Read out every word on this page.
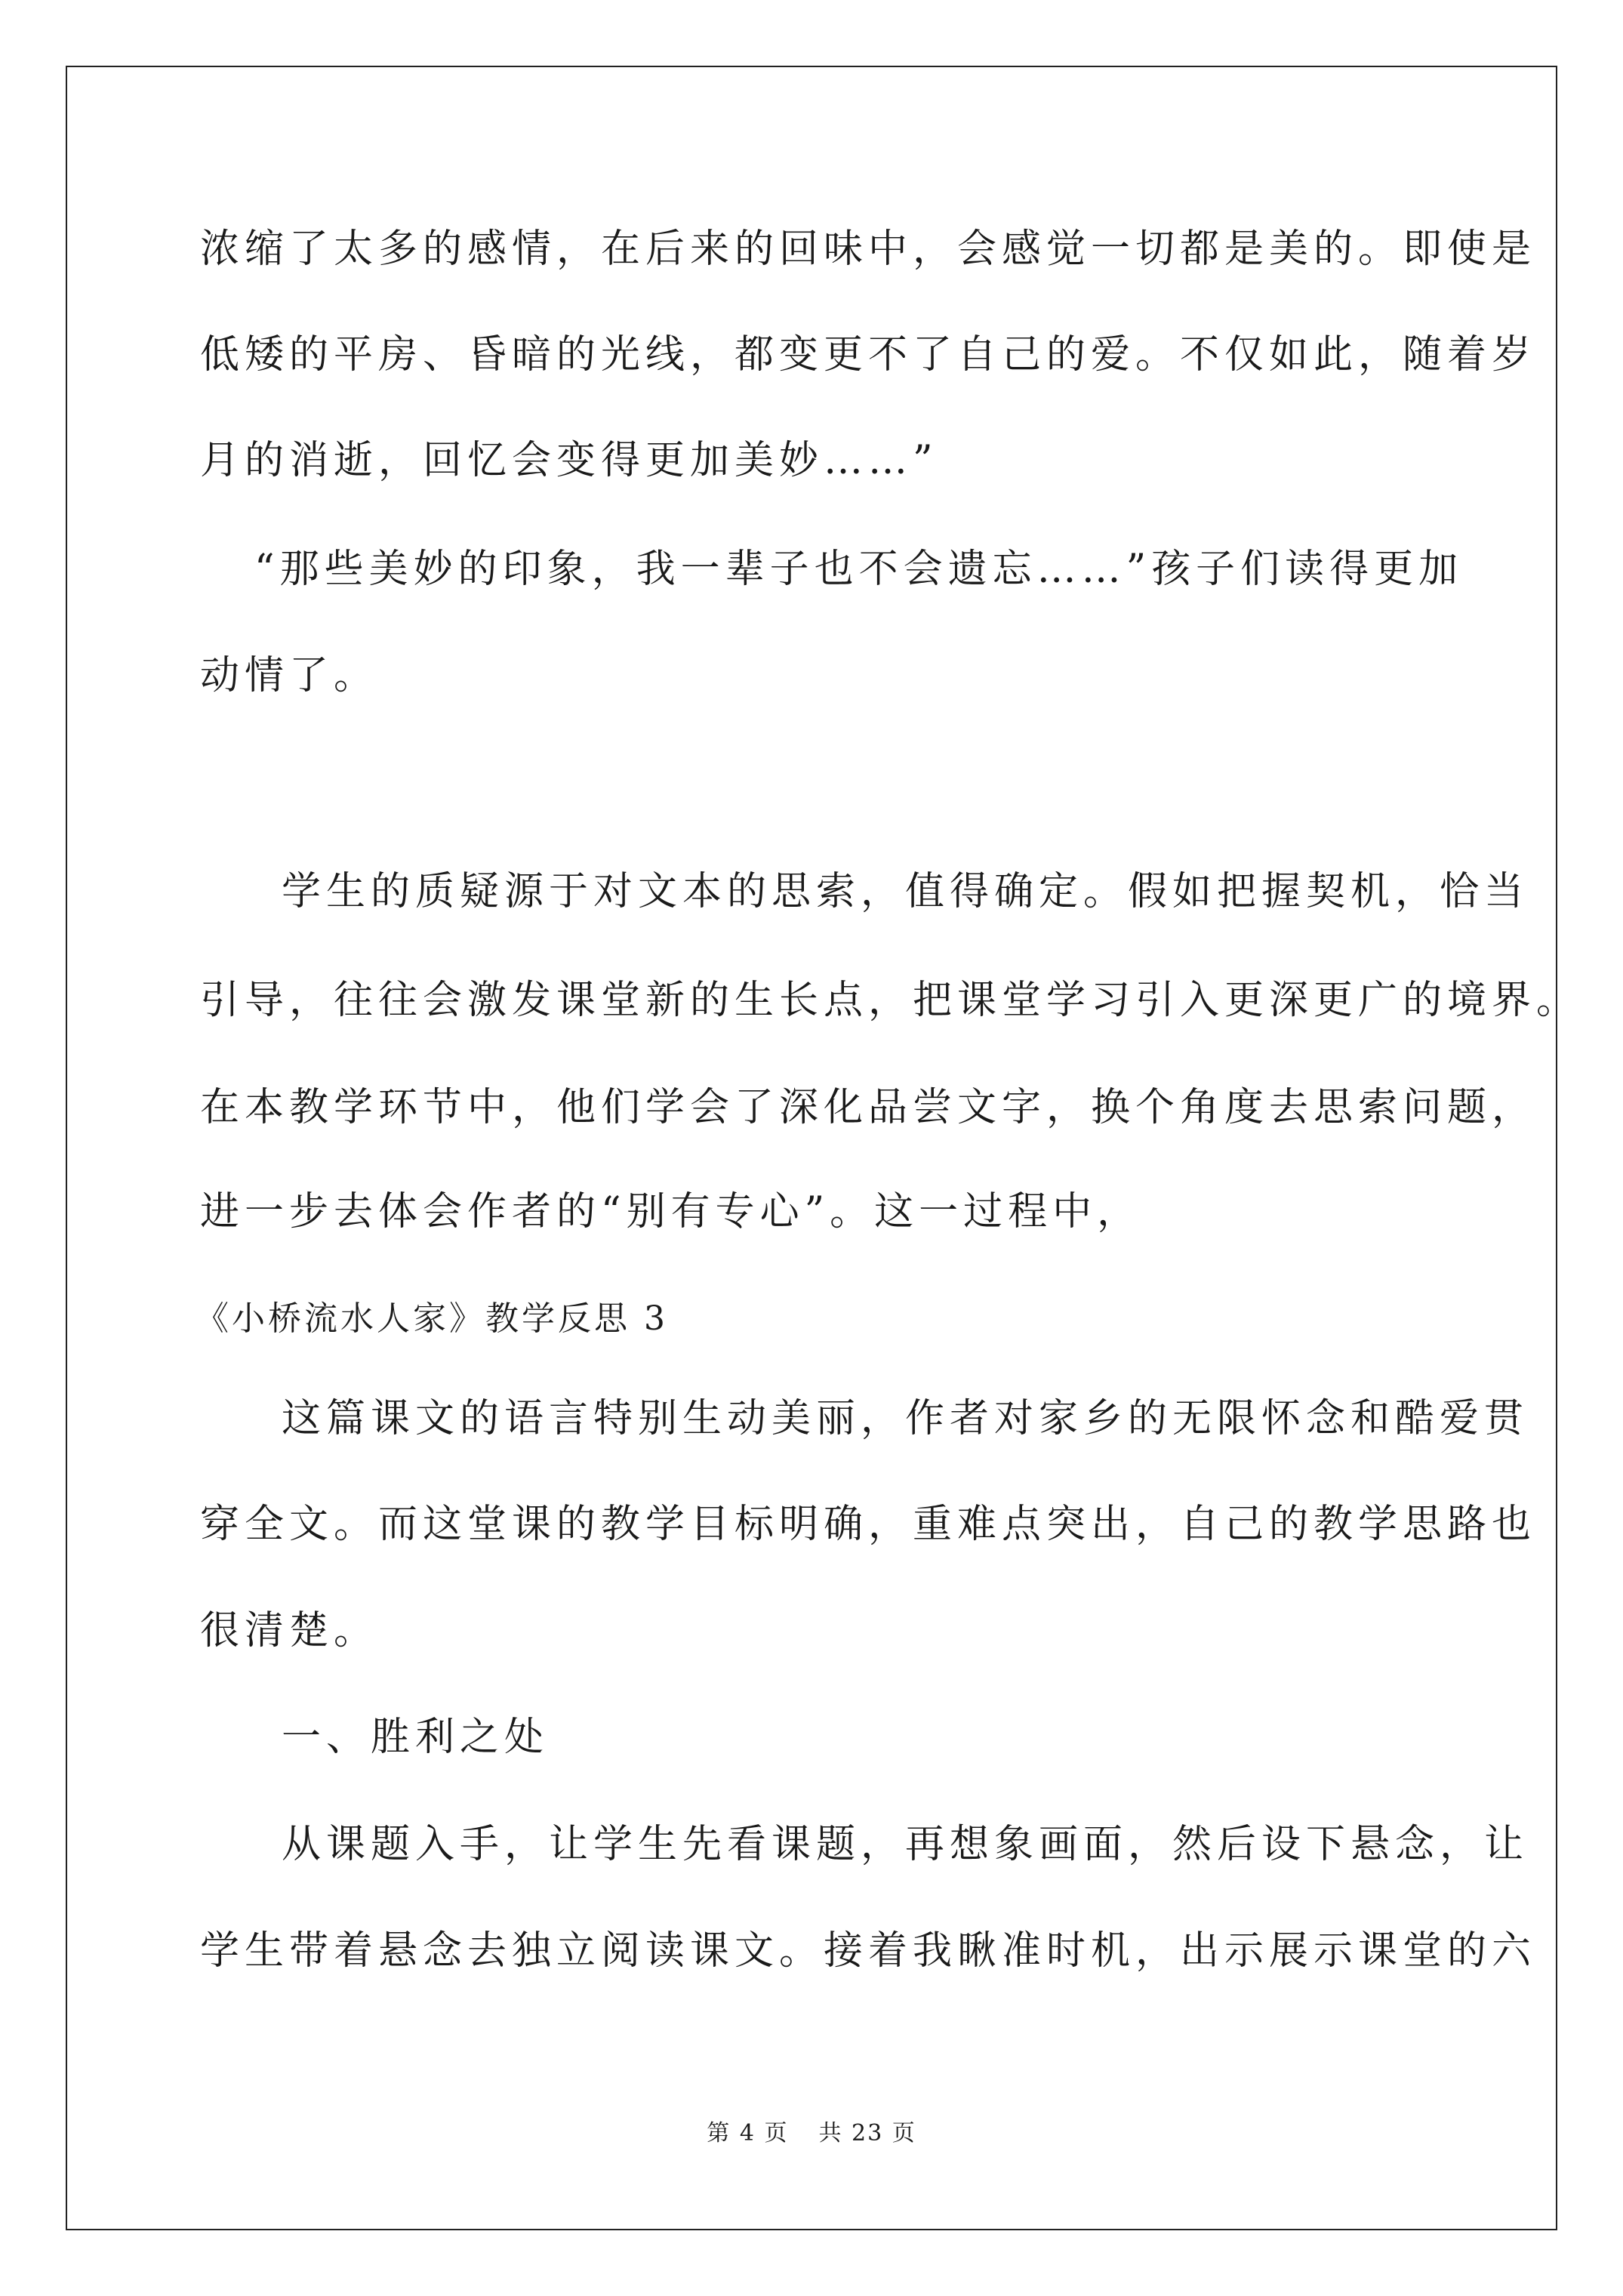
浓缩了太多的感情，在后来的回味中，会感觉一切都是美的。即使是
低矮的平房、昏暗的光线，都变更不了自己的爱。不仅如此，随着岁
月的消逝，回忆会变得更加美妙……”
“那些美妙的印象，我一辈子也不会遗忘……”孩子们读得更加
动情了。
学生的质疑源于对文本的思索，值得确定。假如把握契机，恰当
引导，往往会激发课堂新的生长点，把课堂学习引入更深更广的境界。
在本教学环节中，他们学会了深化品尝文字，换个角度去思索问题，
进一步去体会作者的“别有专心”。这一过程中，
《小桥流水人家》教学反思 3
这篇课文的语言特别生动美丽，作者对家乡的无限怀念和酷爱贯
穿全文。而这堂课的教学目标明确，重难点突出，自己的教学思路也
很清楚。
一、胜利之处
从课题入手，让学生先看课题，再想象画面，然后设下悬念，让
学生带着悬念去独立阅读课文。接着我瞅准时机，出示展示课堂的六
第 4 页 共 23 页
